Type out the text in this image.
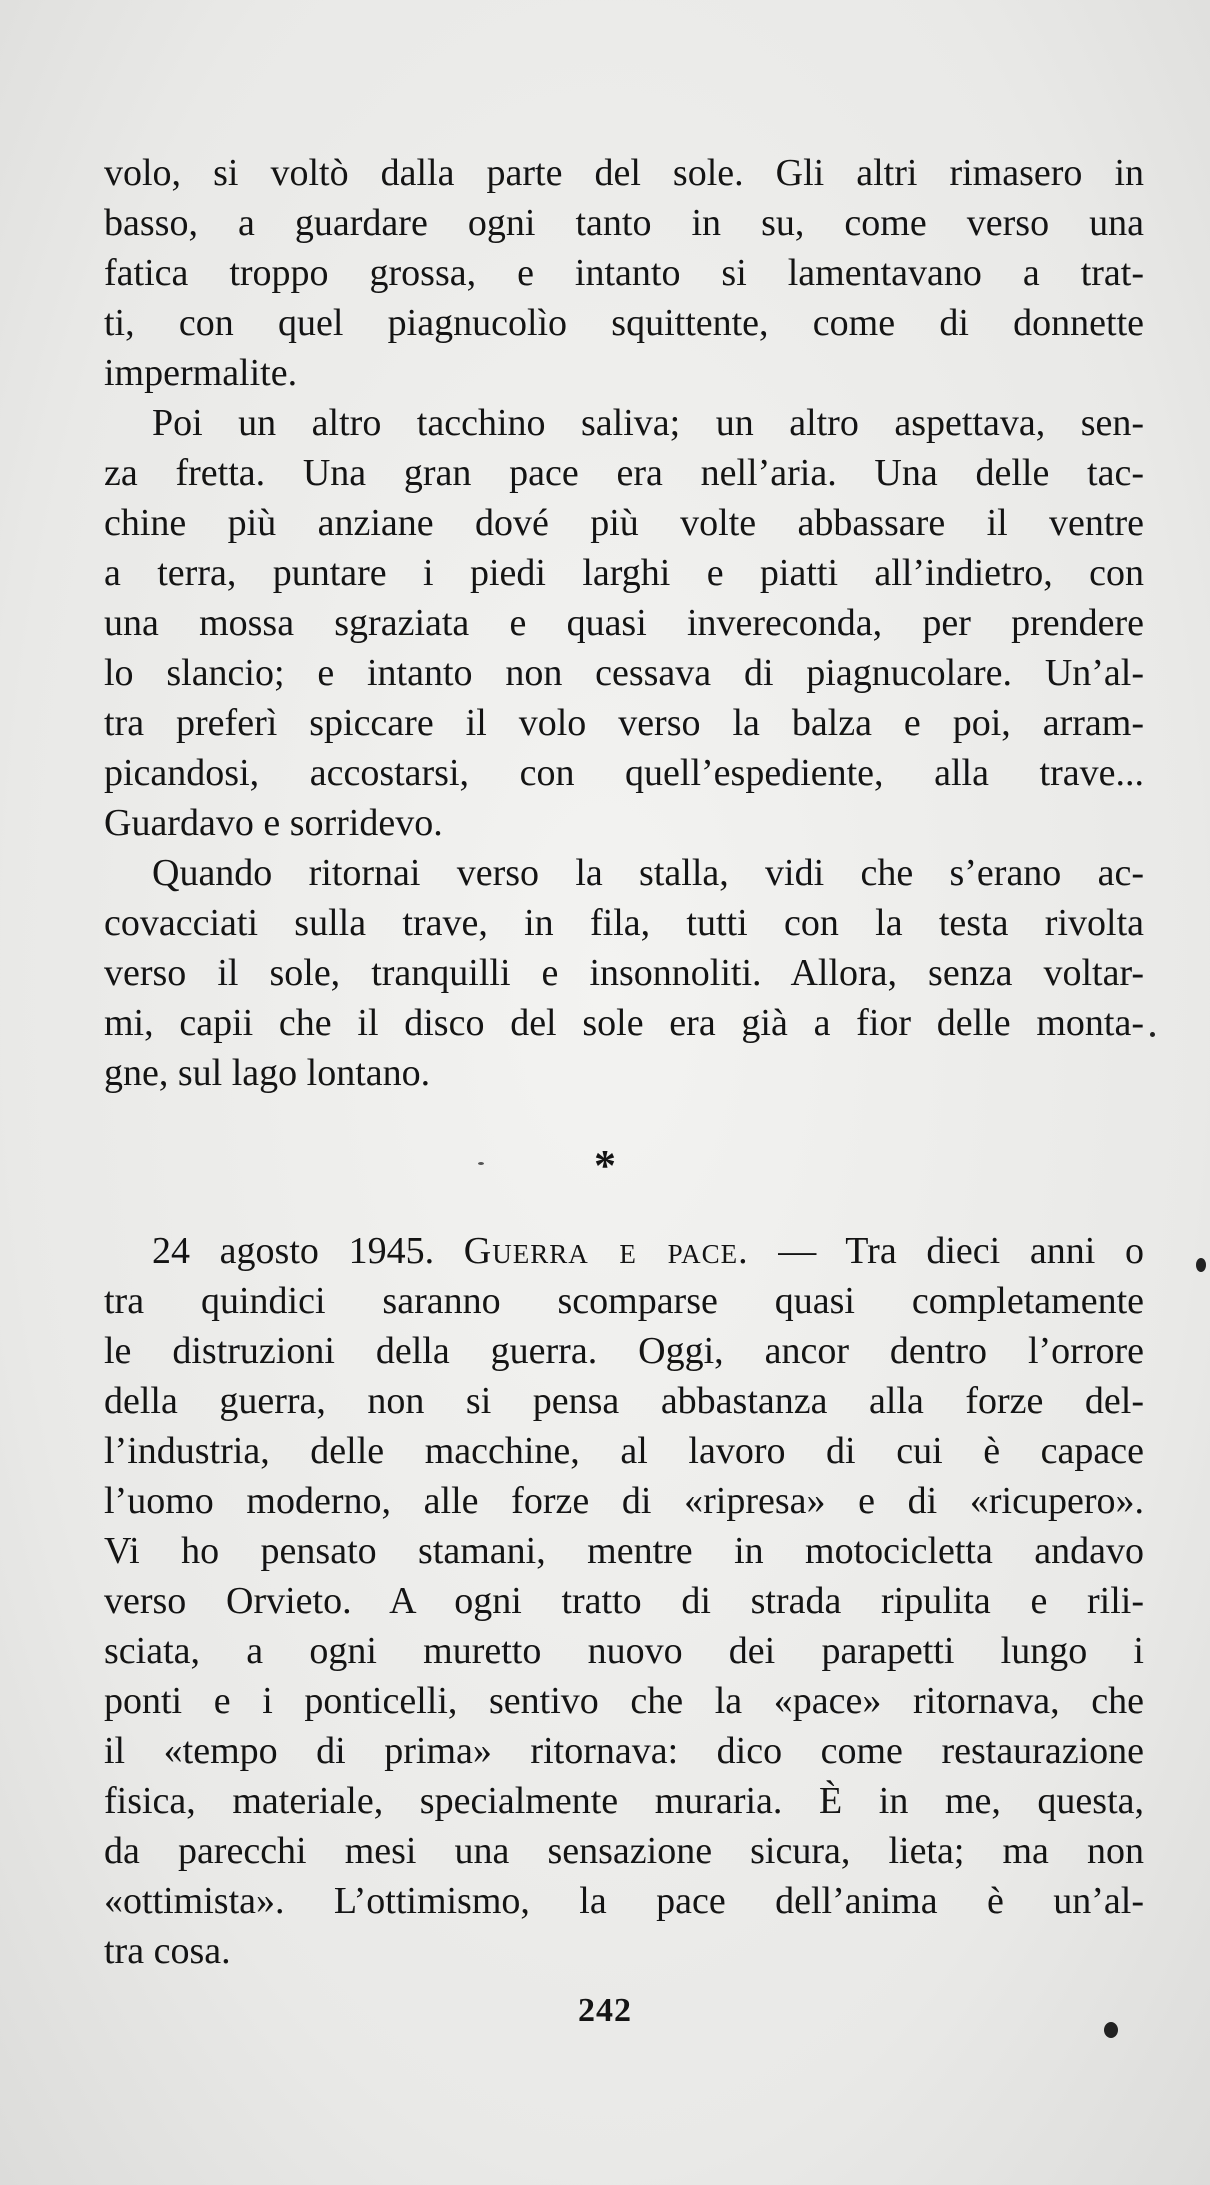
volo, si voltò dalla parte del sole. Gli altri rimasero in
basso, a guardare ogni tanto in su, come verso una
fatica troppo grossa, e intanto si lamentavano a trat-
ti, con quel piagnucolìo squittente, come di donnette
impermalite.
Poi un altro tacchino saliva; un altro aspettava, sen-
za fretta. Una gran pace era nell’aria. Una delle tac-
chine più anziane dové più volte abbassare il ventre
a terra, puntare i piedi larghi e piatti all’indietro, con
una mossa sgraziata e quasi invereconda, per prendere
lo slancio; e intanto non cessava di piagnucolare. Un’al-
tra preferì spiccare il volo verso la balza e poi, arram-
picandosi, accostarsi, con quell’espediente, alla trave...
Guardavo e sorridevo.
Quando ritornai verso la stalla, vidi che s’erano ac-
covacciati sulla trave, in fila, tutti con la testa rivolta
verso il sole, tranquilli e insonnoliti. Allora, senza voltar-
mi, capii che il disco del sole era già a fior delle monta-
gne, sul lago lontano.
*
24 agosto 1945. Guerra e pace. — Tra dieci anni o
tra quindici saranno scomparse quasi completamente
le distruzioni della guerra. Oggi, ancor dentro l’orrore
della guerra, non si pensa abbastanza alla forze del-
l’industria, delle macchine, al lavoro di cui è capace
l’uomo moderno, alle forze di «ripresa» e di «ricupero».
Vi ho pensato stamani, mentre in motocicletta andavo
verso Orvieto. A ogni tratto di strada ripulita e rili-
sciata, a ogni muretto nuovo dei parapetti lungo i
ponti e i ponticelli, sentivo che la «pace» ritornava, che
il «tempo di prima» ritornava: dico come restaurazione
fisica, materiale, specialmente muraria. È in me, questa,
da parecchi mesi una sensazione sicura, lieta; ma non
«ottimista». L’ottimismo, la pace dell’anima è un’al-
tra cosa.
242
